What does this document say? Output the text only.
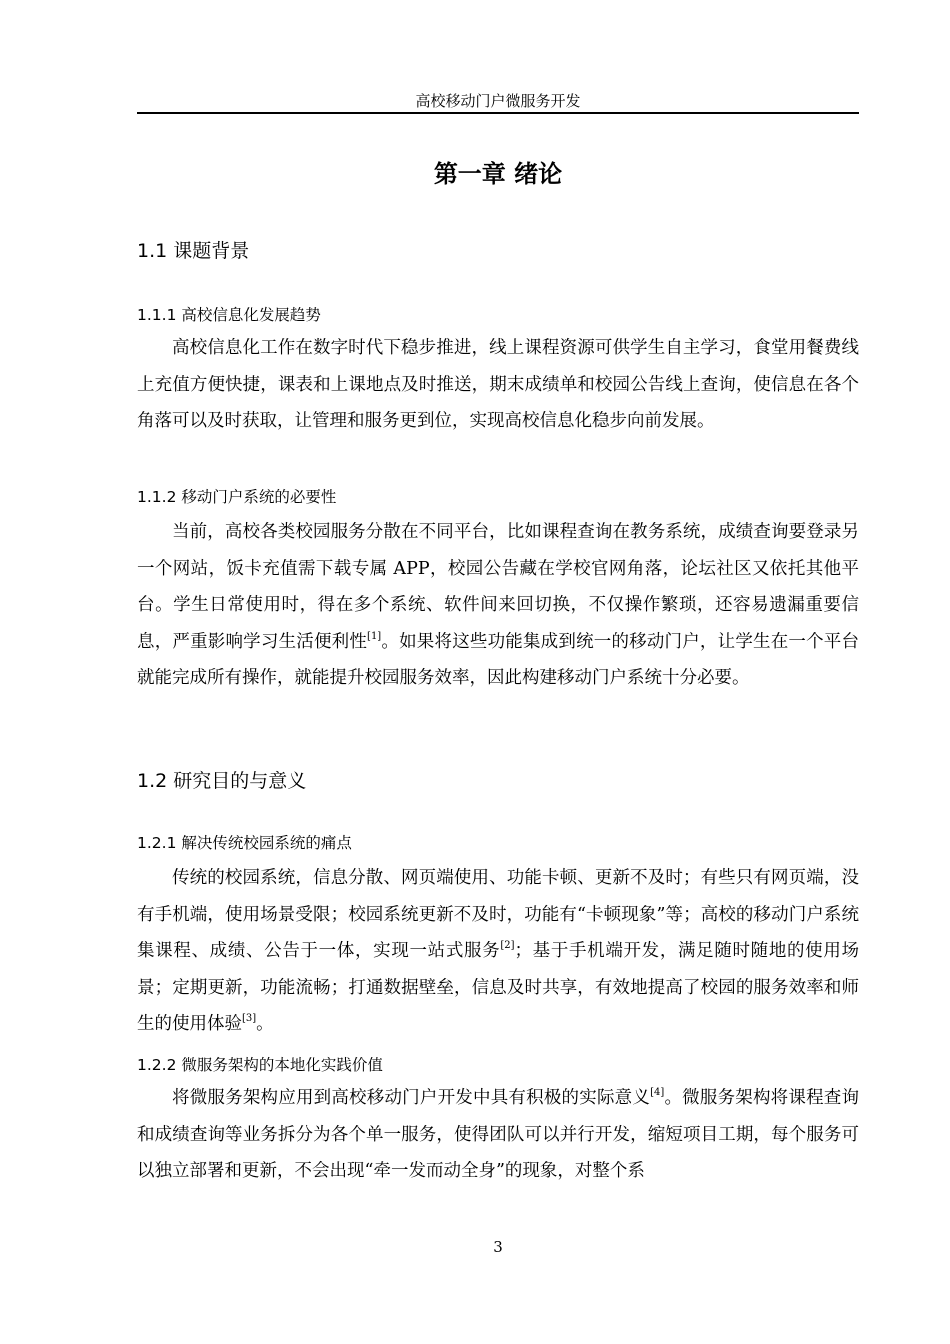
高校移动门户微服务开发
第一章 绪论
1.1 课题背景
1.1.1 高校信息化发展趋势

高校信息化工作在数字时代下稳步推进，线上课程资源可供学生自主学习，食堂用餐费线上充值方便快捷，课表和上课地点及时推送，期末成绩单和校园公告线上查询，使信息在各个角落可以及时获取，让管理和服务更到位，实现高校信息化稳步向前发展。

1.1.2 移动门户系统的必要性

当前，高校各类校园服务分散在不同平台，比如课程查询在教务系统，成绩查询要登录另一个网站，饭卡充值需下载专属 APP，校园公告藏在学校官网角落，论坛社区又依托其他平台。学生日常使用时，得在多个系统、软件间来回切换，不仅操作繁琐，还容易遗漏重要信息，严重影响学习生活便利性[1]。如果将这些功能集成到统一的移动门户，让学生在一个平台就能完成所有操作，就能提升校园服务效率，因此构建移动门户系统十分必要。

1.2 研究目的与意义
1.2.1 解决传统校园系统的痛点

传统的校园系统，信息分散、网页端使用、功能卡顿、更新不及时；有些只有网页端，没有手机端，使用场景受限；校园系统更新不及时，功能有“卡顿现象”等；高校的移动门户系统集课程、成绩、公告于一体，实现一站式服务[2]；基于手机端开发，满足随时随地的使用场景；定期更新，功能流畅；打通数据壁垒，信息及时共享，有效地提高了校园的服务效率和师生的使用体验[3]。

1.2.2 微服务架构的本地化实践价值

将微服务架构应用到高校移动门户开发中具有积极的实际意义[4]。微服务架构将课程查询和成绩查询等业务拆分为各个单一服务，使得团队可以并行开发，缩短项目工期，每个服务可以独立部署和更新，不会出现“牵一发而动全身”的现象，对整个系

3
